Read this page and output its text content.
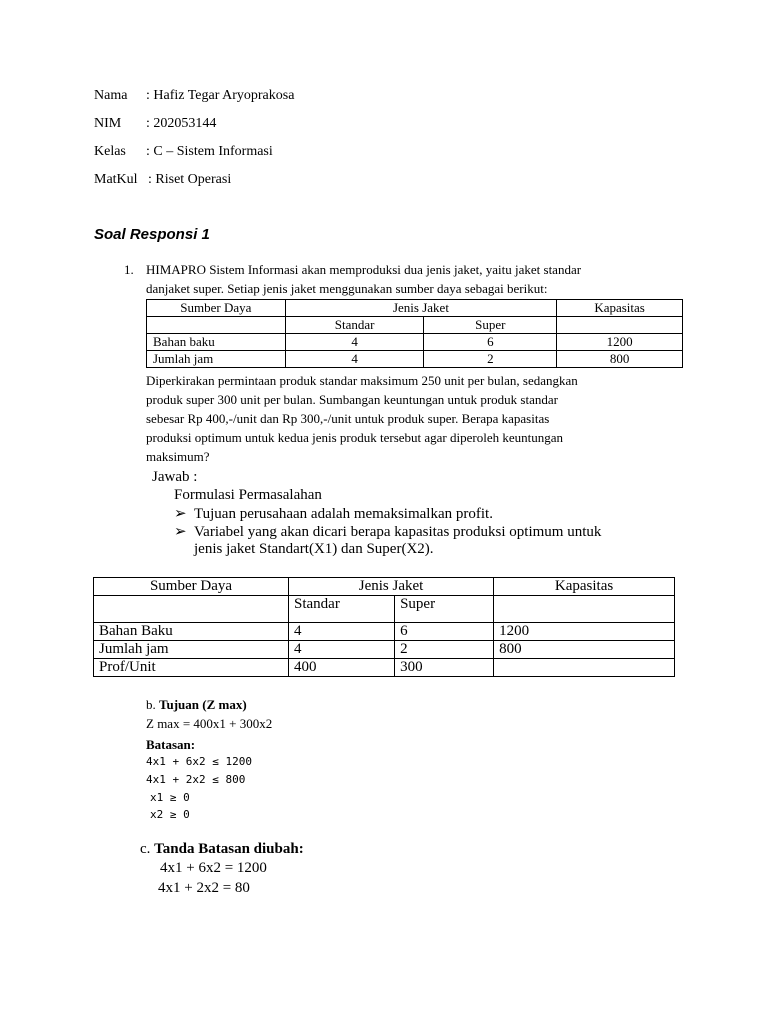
Nama : Hafiz Tegar Aryoprakosa
NIM : 202053144
Kelas : C – Sistem Informasi
MatKul : Riset Operasi
Soal Responsi 1
1. HIMAPRO Sistem Informasi akan memproduksi dua jenis jaket, yaitu jaket standar
danjaket super. Setiap jenis jaket menggunakan sumber daya sebagai berikut:
Sumber Daya	Jenis Jaket		Kapasitas
	Standar	Super	
Bahan baku	4	6	1200
Jumlah jam	4	2	800
Diperkirakan permintaan produk standar maksimum 250 unit per bulan, sedangkan
produk super 300 unit per bulan. Sumbangan keuntungan untuk produk standar
sebesar Rp 400,-/unit dan Rp 300,-/unit untuk produk super. Berapa kapasitas
produksi optimum untuk kedua jenis produk tersebut agar diperoleh keuntungan
maksimum?
Jawab :
Formulasi Permasalahan
➢ Tujuan perusahaan adalah memaksimalkan profit.
➢ Variabel yang akan dicari berapa kapasitas produksi optimum untuk
jenis jaket Standart(X1) dan Super(X2).
Sumber Daya	Jenis Jaket		Kapasitas
	Standar	Super	
Bahan Baku	4	6	1200
Jumlah jam	4	2	800
Prof/Unit	400	300	
b. Tujuan (Z max)
Z max = 400x1 + 300x2
Batasan:
4x1 + 6x2 ≤ 1200
4x1 + 2x2 ≤ 800
x1 ≥ 0
x2 ≥ 0
c. Tanda Batasan diubah:
4x1 + 6x2 = 1200
4x1 + 2x2 = 80
